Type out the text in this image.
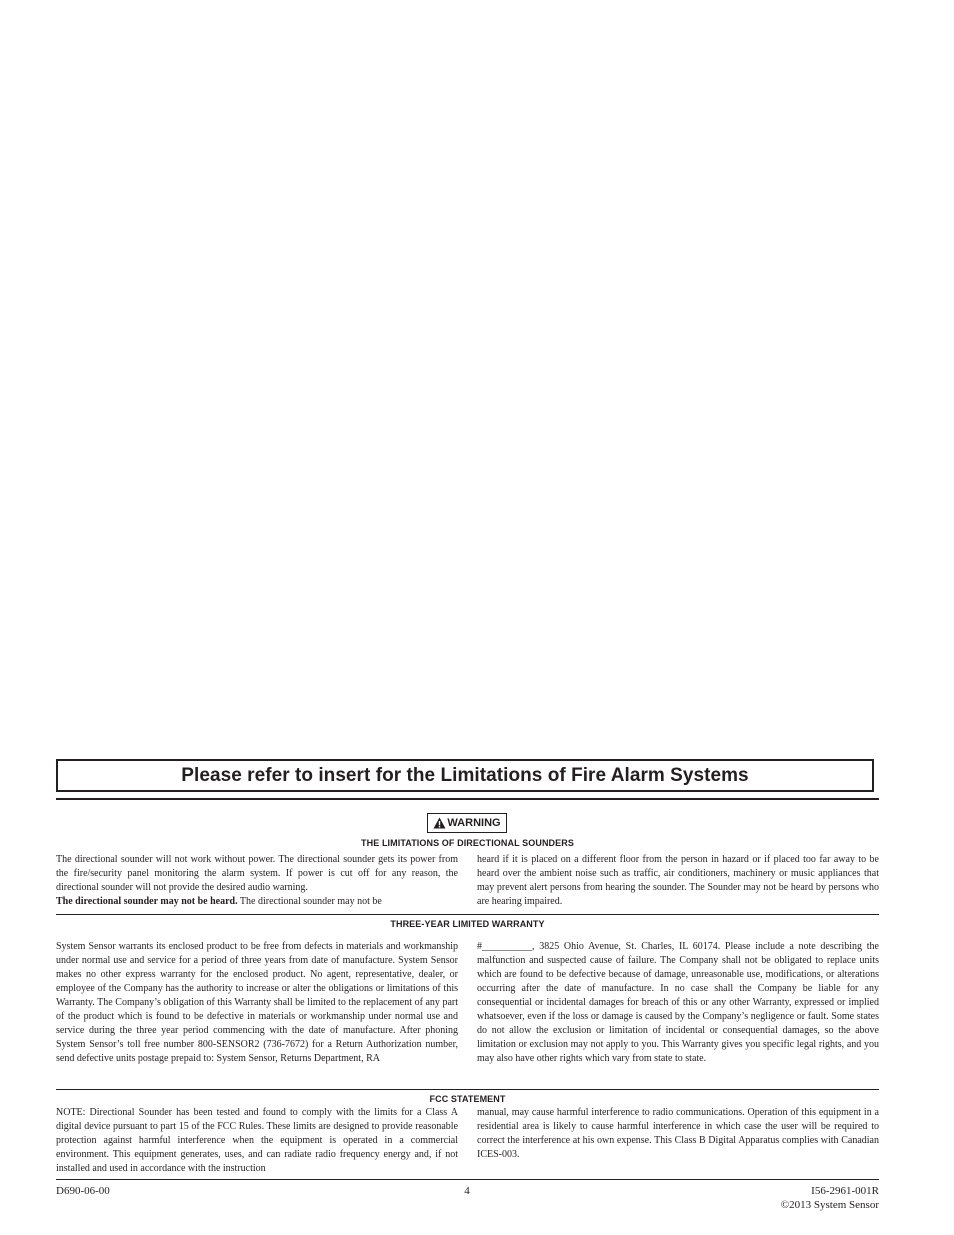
Please refer to insert for the Limitations of Fire Alarm Systems
WARNING
THE LIMITATIONS OF DIRECTIONAL SOUNDERS

The directional sounder will not work without power. The directional sounder gets its power from the fire/security panel monitoring the alarm system. If power is cut off for any reason, the directional sounder will not provide the desired audio warning.

The directional sounder may not be heard. The directional sounder may not be

heard if it is placed on a different floor from the person in hazard or if placed too far away to be heard over the ambient noise such as traffic, air conditioners, machinery or music appliances that may prevent alert persons from hearing the sounder. The Sounder may not be heard by persons who are hearing impaired.

THREE-YEAR LIMITED WARRANTY

System Sensor warrants its enclosed product to be free from defects in materials and workmanship under normal use and service for a period of three years from date of manufacture. System Sensor makes no other express warranty for the enclosed product. No agent, representative, dealer, or employee of the Company has the authority to increase or alter the obligations or limitations of this Warranty. The Company’s obligation of this Warranty shall be limited to the replacement of any part of the product which is found to be defective in materials or workmanship under normal use and service during the three year period commencing with the date of manufacture. After phoning System Sensor’s toll free number 800-SENSOR2 (736-7672) for a Return Authorization number, send defective units postage prepaid to: System Sensor, Returns Department, RA

#__________, 3825 Ohio Avenue, St. Charles, IL 60174. Please include a note describing the malfunction and suspected cause of failure. The Company shall not be obligated to replace units which are found to be defective because of damage, unreasonable use, modifications, or alterations occurring after the date of manufacture. In no case shall the Company be liable for any consequential or incidental damages for breach of this or any other Warranty, expressed or implied whatsoever, even if the loss or damage is caused by the Company’s negligence or fault. Some states do not allow the exclusion or limitation of incidental or consequential damages, so the above limitation or exclusion may not apply to you. This Warranty gives you specific legal rights, and you may also have other rights which vary from state to state.

FCC STATEMENT

NOTE: Directional Sounder has been tested and found to comply with the limits for a Class A digital device pursuant to part 15 of the FCC Rules. These limits are designed to provide reasonable protection against harmful interference when the equipment is operated in a commercial environment. This equipment generates, uses, and can radiate radio frequency energy and, if not installed and used in accordance with the instruction

manual, may cause harmful interference to radio communications. Operation of this equipment in a residential area is likely to cause harmful interference in which case the user will be required to correct the interference at his own expense. This Class B Digital Apparatus complies with Canadian ICES-003.

D690-06-00	4	I56-2961-001R
©2013 System Sensor
